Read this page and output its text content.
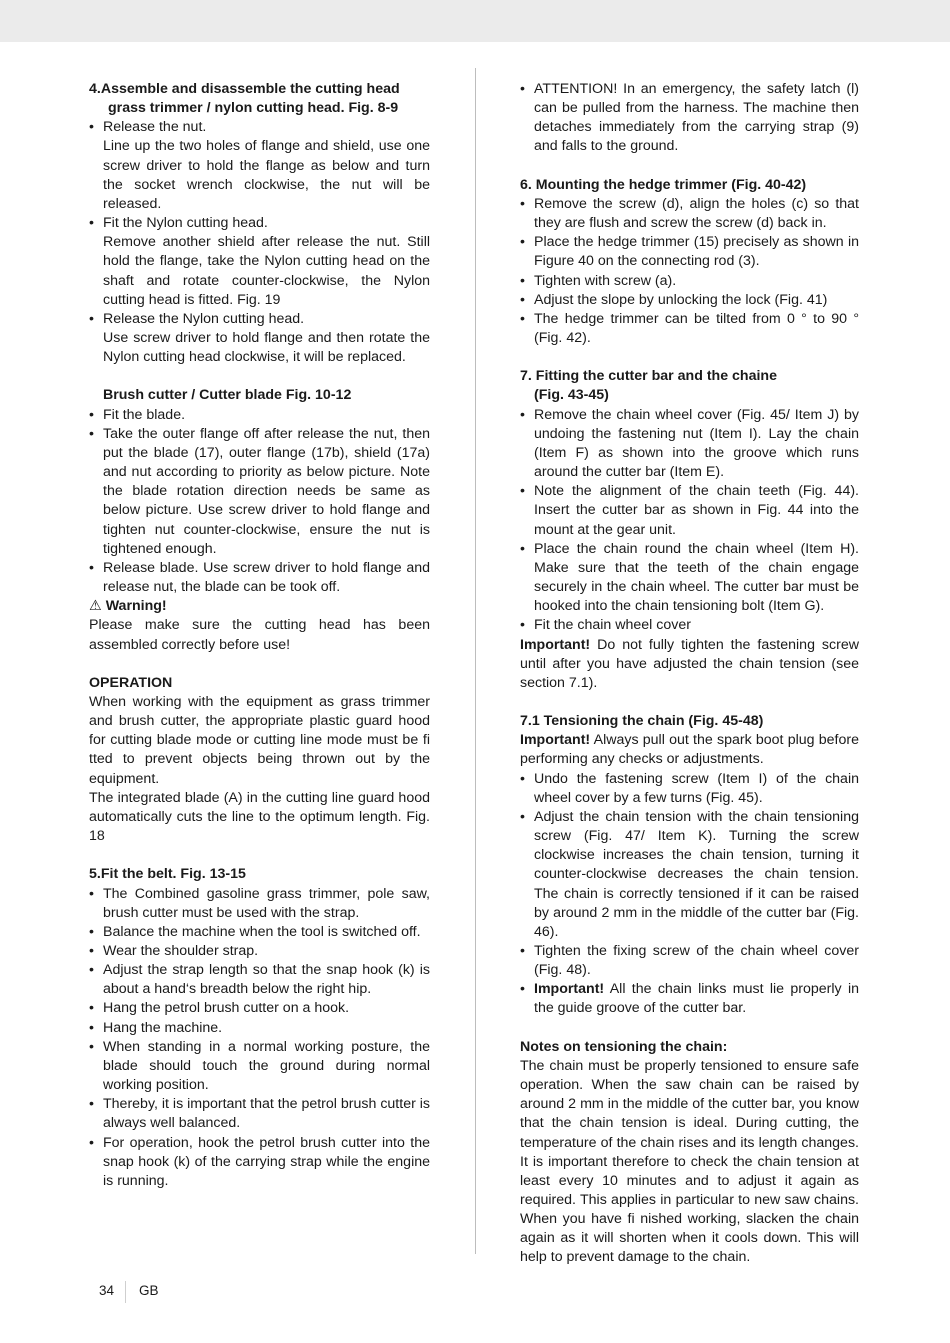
4.Assemble and disassemble the cutting head
grass trimmer / nylon cutting head. Fig. 8-9

• Release the nut.

Line up the two holes of flange and shield, use one screw driver to hold the flange as below and turn the socket wrench clockwise, the nut will be released.

• Fit the Nylon cutting head.

Remove another shield after release the nut. Still hold the flange, take the Nylon cutting head on the shaft and rotate counter-clockwise, the Nylon cutting head is fitted. Fig. 19

• Release the Nylon cutting head.

Use screw driver to hold flange and then rotate the Nylon cutting head clockwise, it will be replaced.

Brush cutter / Cutter blade Fig. 10-12

• Fit the blade.

• Take the outer flange off after release the nut, then put the blade (17), outer flange (17b), shield (17a) and nut according to priority as below picture. Note the blade rotation direction needs be same as below picture. Use screw driver to hold flange and tighten nut counter-clockwise, ensure the nut is tightened enough.

• Release blade. Use screw driver to hold flange and release nut, the blade can be took off.

⚠ Warning!

Please make sure the cutting head has been assembled correctly before use!

OPERATION

When working with the equipment as grass trimmer and brush cutter, the appropriate plastic guard hood for cutting blade mode or cutting line mode must be fi tted to prevent objects being thrown out by the equipment.

The integrated blade (A) in the cutting line guard hood automatically cuts the line to the optimum length. Fig. 18

5.Fit the belt. Fig. 13-15

• The Combined gasoline grass trimmer, pole saw, brush cutter must be used with the strap.

• Balance the machine when the tool is switched off.

• Wear the shoulder strap.

• Adjust the strap length so that the snap hook (k) is about a hand‘s breadth below the right hip.

• Hang the petrol brush cutter on a hook.

• Hang the machine.

• When standing in a normal working posture, the blade should touch the ground during normal working position.

• Thereby, it is important that the petrol brush cutter is always well balanced.

• For operation, hook the petrol brush cutter into the snap hook (k) of the carrying strap while the engine is running.

• ATTENTION! In an emergency, the safety latch (l) can be pulled from the harness. The machine then detaches immediately from the carrying strap (9) and falls to the ground.

6. Mounting the hedge trimmer (Fig. 40-42)

• Remove the screw (d), align the holes (c) so that they are flush and screw the screw (d) back in.

• Place the hedge trimmer (15) precisely as shown in Figure 40 on the connecting rod (3).

• Tighten with screw (a).

• Adjust the slope by unlocking the lock (Fig. 41)

• The hedge trimmer can be tilted from 0 ° to 90 ° (Fig. 42).

7. Fitting the cutter bar and the chaine
(Fig. 43-45)

• Remove the chain wheel cover (Fig. 45/ Item J) by undoing the fastening nut (Item I). Lay the chain (Item F) as shown into the groove which runs around the cutter bar (Item E).

• Note the alignment of the chain teeth (Fig. 44). Insert the cutter bar as shown in Fig. 44 into the mount at the gear unit.

• Place the chain round the chain wheel (Item H). Make sure that the teeth of the chain engage securely in the chain wheel. The cutter bar must be hooked into the chain tensioning bolt (Item G).

• Fit the chain wheel cover

Important! Do not fully tighten the fastening screw until after you have adjusted the chain tension (see section 7.1).

7.1 Tensioning the chain (Fig. 45-48)

Important! Always pull out the spark boot plug before performing any checks or adjustments.

• Undo the fastening screw (Item I) of the chain wheel cover by a few turns (Fig. 45).

• Adjust the chain tension with the chain tensioning screw (Fig. 47/ Item K). Turning the screw clockwise increases the chain tension, turning it counter-clockwise decreases the chain tension. The chain is correctly tensioned if it can be raised by around 2 mm in the middle of the cutter bar (Fig. 46).

• Tighten the fixing screw of the chain wheel cover (Fig. 48).

• Important! All the chain links must lie properly in the guide groove of the cutter bar.

Notes on tensioning the chain:

The chain must be properly tensioned to ensure safe operation. When the saw chain can be raised by around 2 mm in the middle of the cutter bar, you know that the chain tension is ideal. During cutting, the temperature of the chain rises and its length changes. It is important therefore to check the chain tension at least every 10 minutes and to adjust it again as required. This applies in particular to new saw chains. When you have fi nished working, slacken the chain again as it will shorten when it cools down. This will help to prevent damage to the chain.

34 GB
